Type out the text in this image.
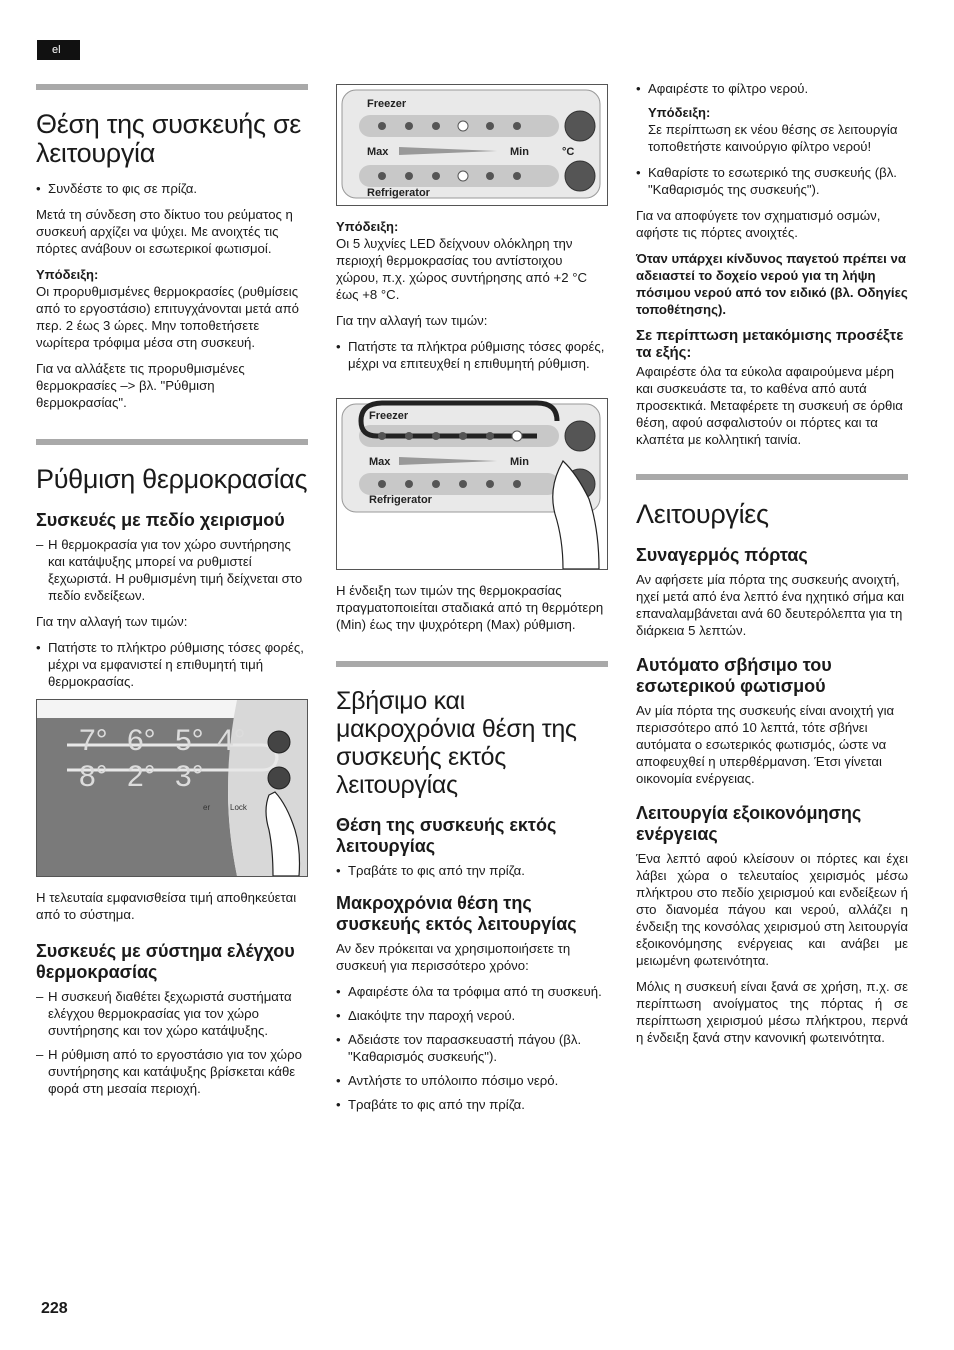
el
Θέση της συσκευής σε λειτουργία
• Συνδέστε το φις σε πρίζα.

Μετά τη σύνδεση στο δίκτυο του ρεύματος η συσκευή αρχίζει να ψύχει. Με ανοιχτές τις πόρτες ανάβουν οι εσωτερικοί φωτισμοί.

Υπόδειξη:

Οι προρυθμισμένες θερμοκρασίες (ρυθμίσεις από το εργοστάσιο) επιτυγχάνονται μετά από περ. 2 έως 3 ώρες. Μην τοποθετήσετε νωρίτερα τρόφιμα μέσα στη συσκευή.

Για να αλλάξετε τις προρυθμισμένες θερμοκρασίες –> βλ. "Ρύθμιση θερμοκρασίας".

Ρύθμιση θερμοκρασίας
Συσκευές με πεδίο χειρισμού
– Η θερμοκρασία για τον χώρο συντήρησης και κατάψυξης μπορεί να ρυθμιστεί ξεχωριστά. Η ρυθμισμένη τιμή δείχνεται στο πεδίο ενδείξεων.

Για την αλλαγή των τιμών:

• Πατήστε το πλήκτρο ρύθμισης τόσες φορές, μέχρι να εμφανιστεί η επιθυμητή τιμή θερμοκρασίας.
7° 6° 5° 4°
8° 2° 3°
er Lock

Η τελευταία εμφανισθείσα τιμή αποθηκεύεται από το σύστημα.

Συσκευές με σύστημα ελέγχου θερμοκρασίας
– Η συσκευή διαθέτει ξεχωριστά συστήματα ελέγχου θερμοκρασίας για τον χώρο συντήρησης και τον χώρο κατάψυξης.
– Η ρύθμιση από το εργοστάσιο για τον χώρο συντήρησης και κατάψυξης βρίσκεται κάθε φορά στη μεσαία περιοχή.
Freezer
Max	Min	°C
Refrigerator
Υπόδειξη:

Οι 5 λυχνίες LED δείχνουν ολόκληρη την περιοχή θερμοκρασίας του αντίστοιχου χώρου, π.χ. χώρος συντήρησης από +2 °C έως +8 °C.

Για την αλλαγή των τιμών:

• Πατήστε τα πλήκτρα ρύθμισης τόσες φορές, μέχρι να επιτευχθεί η επιθυμητή ρύθμιση.
Freezer
Max	Min
Refrigerator

Η ένδειξη των τιμών της θερμοκρασίας πραγματοποιείται σταδιακά από τη θερμότερη (Min) έως την ψυχρότερη (Max) ρύθμιση.

Σβήσιμο και μακροχρόνια θέση της συσκευής εκτός λειτουργίας
Θέση της συσκευής εκτός λειτουργίας
• Τραβάτε το φις από την πρίζα.
Μακροχρόνια θέση της συσκευής εκτός λειτουργίας

Αν δεν πρόκειται να χρησιμοποιήσετε τη συσκευή για περισσότερο χρόνο:

• Αφαιρέστε όλα τα τρόφιμα από τη συσκευή.
• Διακόψτε την παροχή νερού.
• Αδειάστε τον παρασκευαστή πάγου (βλ. "Καθαρισμός συσκευής").
• Αντλήστε το υπόλοιπο πόσιμο νερό.
• Τραβάτε το φις από την πρίζα.
• Αφαιρέστε το φίλτρο νερού.
Υπόδειξη:

Σε περίπτωση εκ νέου θέσης σε λειτουργία τοποθετήστε καινούργιο φίλτρο νερού!

• Καθαρίστε το εσωτερικό της συσκευής (βλ. "Καθαρισμός της συσκευής").

Για να αποφύγετε τον σχηματισμό οσμών, αφήστε τις πόρτες ανοιχτές.

Όταν υπάρχει κίνδυνος παγετού πρέπει να αδειαστεί το δοχείο νερού για τη λήψη πόσιμου νερού από τον ειδικό (βλ. Οδηγίες τοποθέτησης).

Σε περίπτωση μετακόμισης προσέξτε τα εξής:

Αφαιρέστε όλα τα εύκολα αφαιρούμενα μέρη και συσκευάστε τα, το καθένα από αυτά προσεκτικά. Μεταφέρετε τη συσκευή σε όρθια θέση, αφού ασφαλιστούν οι πόρτες και τα κλαπέτα με κολλητική ταινία.

Λειτουργίες
Συναγερμός πόρτας

Αν αφήσετε μία πόρτα της συσκευής ανοιχτή, ηχεί μετά από ένα λεπτό ένα ηχητικό σήμα και επαναλαμβάνεται ανά 60 δευτερόλεπτα για τη διάρκεια 5 λεπτών.

Αυτόματο σβήσιμο του εσωτερικού φωτισμού

Αν μία πόρτα της συσκευής είναι ανοιχτή για περισσότερο από 10 λεπτά, τότε σβήνει αυτόματα ο εσωτερικός φωτισμός, ώστε να αποφευχθεί η υπερθέρμανση. Έτσι γίνεται οικονομία ενέργειας.

Λειτουργία εξοικονόμησης ενέργειας

Ένα λεπτό αφού κλείσουν οι πόρτες και έχει λάβει χώρα ο τελευταίος χειρισμός μέσω πλήκτρου στο πεδίο χειρισμού και ενδείξεων ή στο διανομέα πάγου και νερού, αλλάζει η ένδειξη της κονσόλας χειρισμού στη λειτουργία εξοικονόμησης ενέργειας και ανάβει με μειωμένη φωτεινότητα.

Μόλις η συσκευή είναι ξανά σε χρήση, π.χ. σε περίπτωση ανοίγματος της πόρτας ή σε περίπτωση χειρισμού μέσω πλήκτρου, περνά η ένδειξη ξανά στην κανονική φωτεινότητα.

228
